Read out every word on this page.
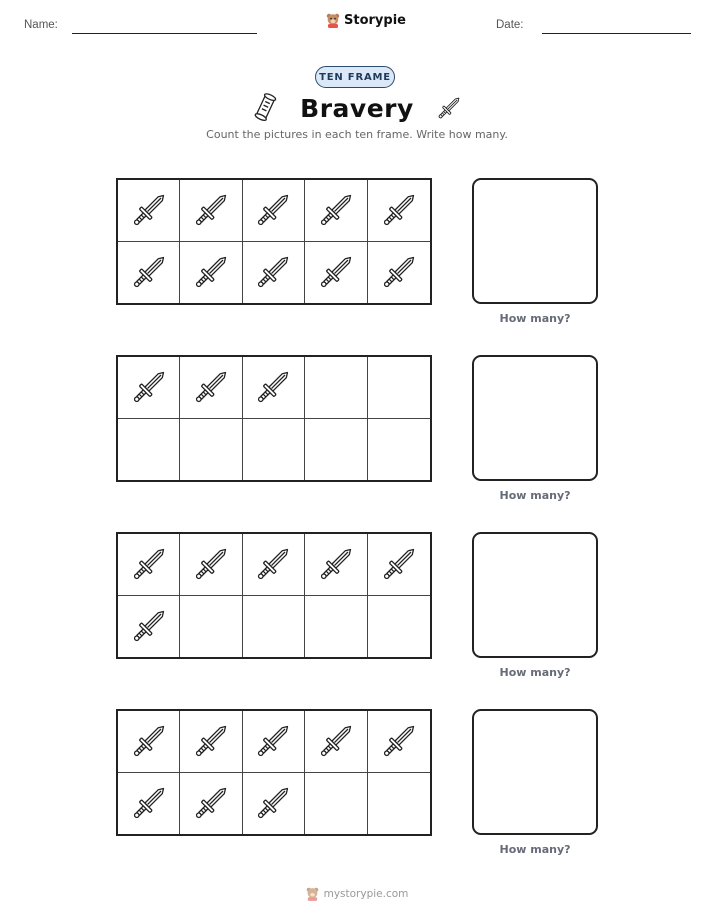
Name:	Storypie	Date:
TEN FRAME
Bravery
Count the pictures in each ten frame. Write how many.
How many?
How many?
How many?
How many?
mystorypie.com
